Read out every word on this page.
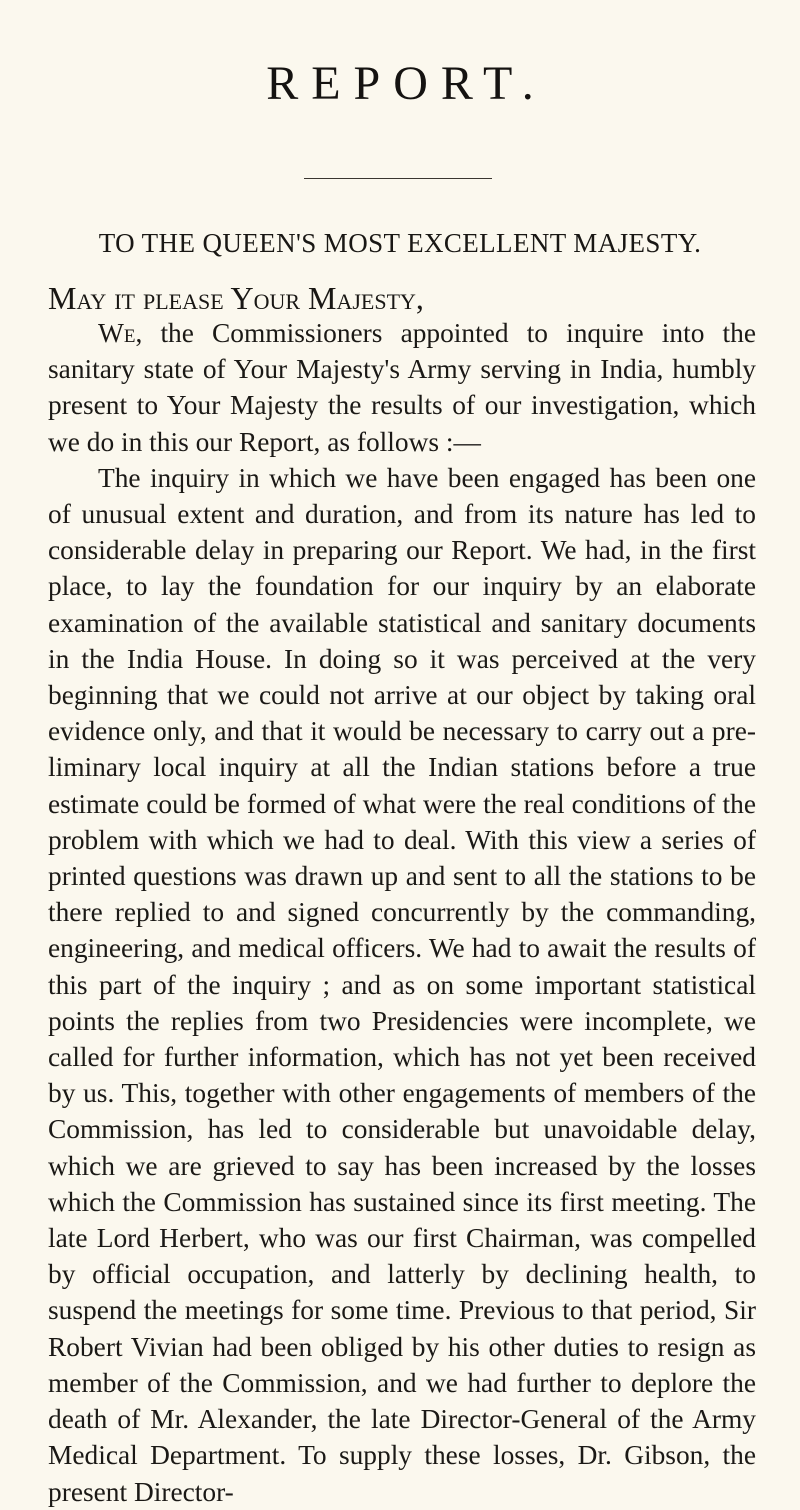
REPORT.
TO THE QUEEN'S MOST EXCELLENT MAJESTY.
May it please Your Majesty,

We, the Commissioners appointed to inquire into the sanitary state of Your Majesty's Army serving in India, humbly present to Your Majesty the results of our investigation, which we do in this our Report, as follows :—

The inquiry in which we have been engaged has been one of unusual extent and duration, and from its nature has led to considerable delay in preparing our Report. We had, in the first place, to lay the foundation for our inquiry by an elaborate examination of the available statistical and sanitary documents in the India House. In doing so it was perceived at the very beginning that we could not arrive at our object by taking oral evidence only, and that it would be necessary to carry out a preliminary local inquiry at all the Indian stations before a true estimate could be formed of what were the real conditions of the problem with which we had to deal. With this view a series of printed questions was drawn up and sent to all the stations to be there replied to and signed concurrently by the commanding, engineering, and medical officers. We had to await the results of this part of the inquiry ; and as on some important statistical points the replies from two Presidencies were incomplete, we called for further information, which has not yet been received by us. This, together with other engagements of members of the Commission, has led to considerable but unavoidable delay, which we are grieved to say has been increased by the losses which the Commission has sustained since its first meeting. The late Lord Herbert, who was our first Chairman, was compelled by official occupation, and latterly by declining health, to suspend the meetings for some time. Previous to that period, Sir Robert Vivian had been obliged by his other duties to resign as member of the Commission, and we had further to deplore the death of Mr. Alexander, the late Director-General of the Army Medical Department. To supply these losses, Dr. Gibson, the present Director-
